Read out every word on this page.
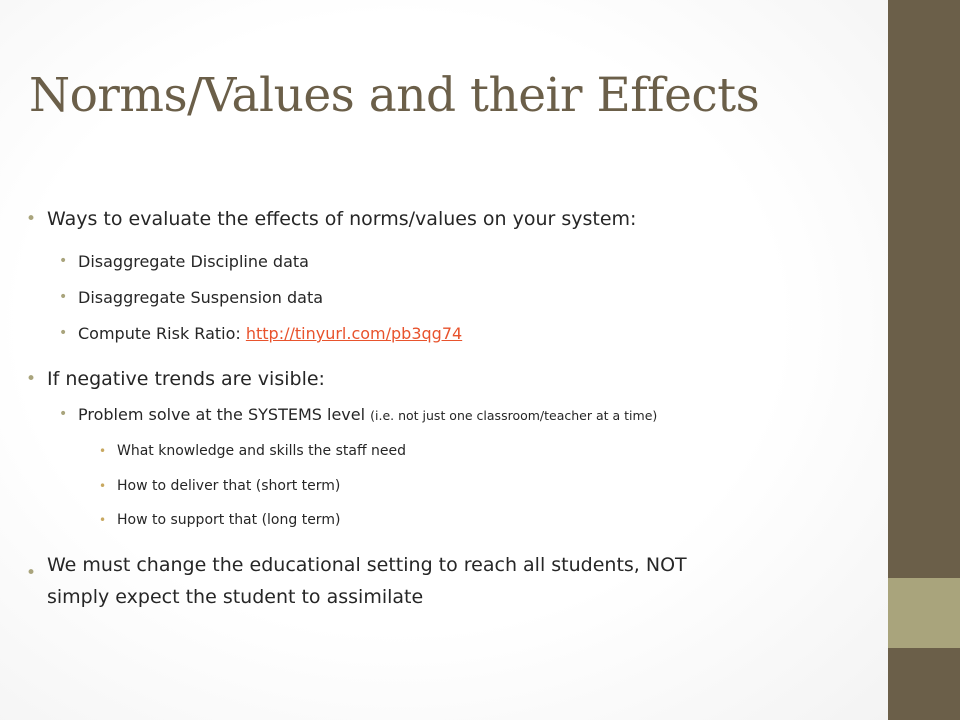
Norms/Values and their Effects
• Ways to evaluate the effects of norms/values on your system:
• Disaggregate Discipline data
• Disaggregate Suspension data
• Compute Risk Ratio: http://tinyurl.com/pb3qg74
• If negative trends are visible:
• Problem solve at the SYSTEMS level (i.e. not just one classroom/teacher at a time)
• What knowledge and skills the staff need
• How to deliver that (short term)
• How to support that (long term)
• We must change the educational setting to reach all students, NOT
simply expect the student to assimilate
